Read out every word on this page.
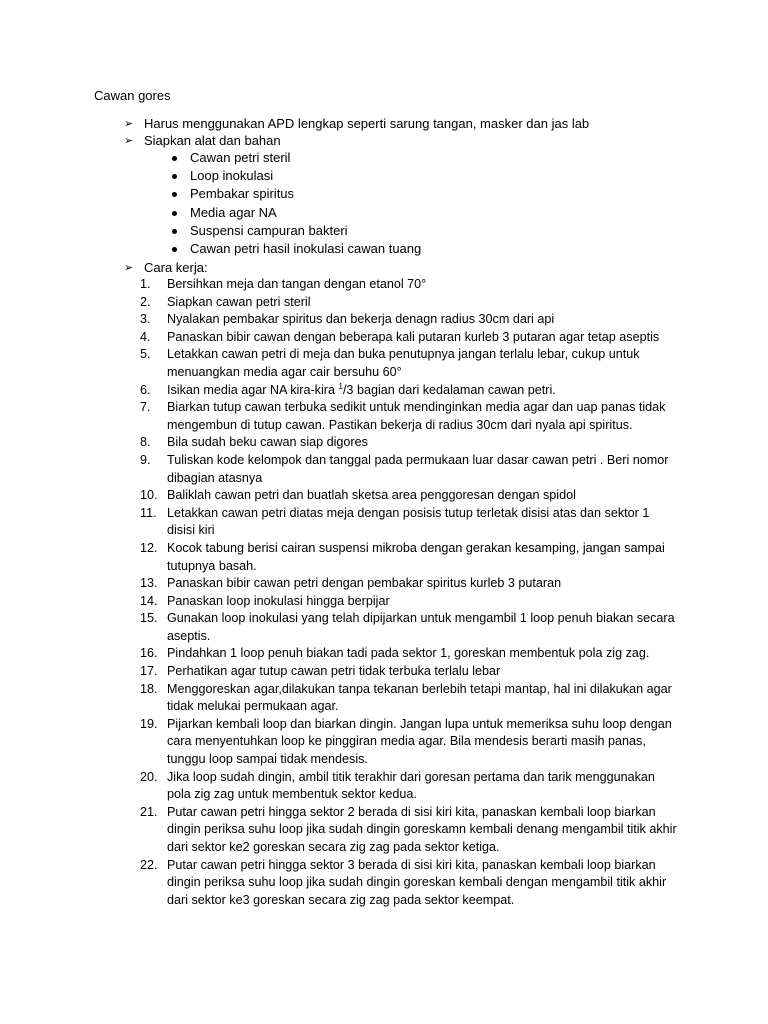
Cawan gores
➢ Harus menggunakan APD lengkap seperti sarung tangan, masker dan jas lab
➢ Siapkan alat dan bahan
Cawan petri steril
Loop inokulasi
Pembakar spiritus
Media agar NA
Suspensi campuran bakteri
Cawan petri hasil inokulasi cawan tuang
➢ Cara kerja:
1. Bersihkan meja dan tangan dengan etanol 70°
2. Siapkan cawan petri steril
3. Nyalakan pembakar spiritus dan bekerja denagn radius 30cm dari api
4. Panaskan bibir cawan dengan beberapa kali putaran kurleb 3 putaran agar tetap aseptis
5. Letakkan cawan petri di meja dan buka penutupnya jangan terlalu lebar, cukup untuk menuangkan media agar cair bersuhu 60°
6. Isikan media agar NA kira-kira $^1$/3 bagian dari kedalaman cawan petri.
7. Biarkan tutup cawan terbuka sedikit untuk mendinginkan media agar dan uap panas tidak mengembun di tutup cawan. Pastikan bekerja di radius 30cm dari nyala api spiritus.
8. Bila sudah beku cawan siap digores
9. Tuliskan kode kelompok dan tanggal pada permukaan luar dasar cawan petri . Beri nomor dibagian atasnya
10. Baliklah cawan petri dan buatlah sketsa area penggoresan dengan spidol
11. Letakkan cawan petri diatas meja dengan posisis tutup terletak disisi atas dan sektor 1 disisi kiri
12. Kocok tabung berisi cairan suspensi mikroba dengan gerakan kesamping, jangan sampai tutupnya basah.
13. Panaskan bibir cawan petri dengan pembakar spiritus kurleb 3 putaran
14. Panaskan loop inokulasi hingga berpijar
15. Gunakan loop inokulasi yang telah dipijarkan untuk mengambil 1 loop penuh biakan secara aseptis.
16. Pindahkan 1 loop penuh biakan tadi pada sektor 1, goreskan membentuk pola zig zag.
17. Perhatikan agar tutup cawan petri tidak terbuka terlalu lebar
18. Menggoreskan agar,dilakukan tanpa tekanan berlebih tetapi mantap, hal ini dilakukan agar tidak melukai permukaan agar.
19. Pijarkan kembali loop dan biarkan dingin. Jangan lupa untuk memeriksa suhu loop dengan cara menyentuhkan loop ke pinggiran media agar. Bila mendesis berarti masih panas, tunggu loop sampai tidak mendesis.
20. Jika loop sudah dingin, ambil titik terakhir dari goresan pertama dan tarik menggunakan pola zig zag untuk membentuk sektor kedua.
21. Putar cawan petri hingga sektor 2 berada di sisi kiri kita, panaskan kembali loop biarkan dingin periksa suhu loop jika sudah dingin goreskamn kembali denang mengambil titik akhir dari sektor ke2 goreskan secara zig zag pada sektor ketiga.
22. Putar cawan petri hingga sektor 3 berada di sisi kiri kita, panaskan kembali loop biarkan dingin periksa suhu loop jika sudah dingin goreskan kembali dengan mengambil titik akhir dari sektor ke3 goreskan secara zig zag pada sektor keempat.
